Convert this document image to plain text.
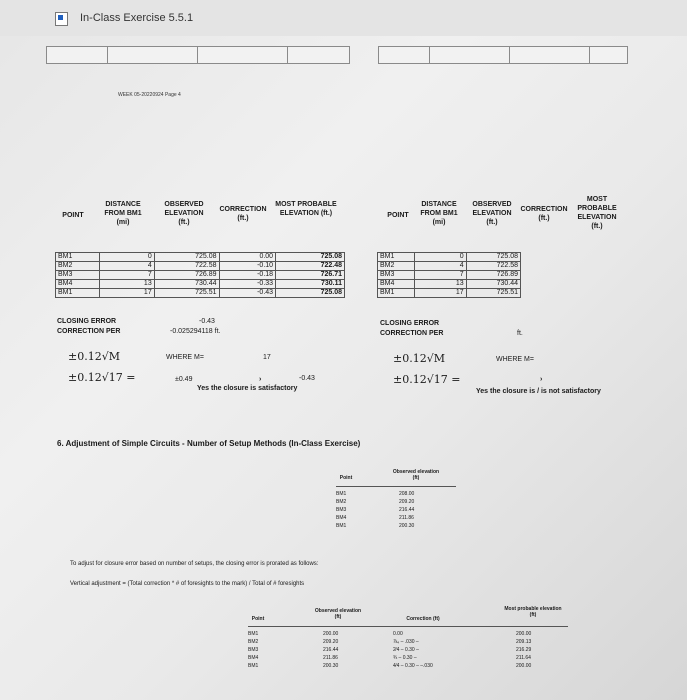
In-Class Exercise 5.5.1
WEEK 05-20220924 Page 4
POINT
DISTANCE FROM BM1 (mi)
OBSERVED ELEVATION (ft.)
CORRECTION (ft.)
MOST PROBABLE ELEVATION (ft.)
BM1	0	725.08	0.00	725.08
BM2	4	722.58	-0.10	722.48
BM3	7	726.89	-0.18	726.71
BM4	13	730.44	-0.33	730.11
BM1	17	725.51	-0.43	725.08
CLOSING ERROR
CORRECTION PER
-0.43
-0.025294118 ft.
±0.12√M
±0.12√17 =
WHERE M=	17
±0.49	›	-0.43
Yes the closure is satisfactory
POINT
DISTANCE FROM BM1 (mi)
OBSERVED ELEVATION (ft.)
CORRECTION (ft.)
MOST PROBABLE ELEVATION (ft.)
BM1	0	725.08
BM2	4	722.58
BM3	7	726.89
BM4	13	730.44
BM1	17	725.51
CLOSING ERROR
CORRECTION PER	ft.
±0.12√M
±0.12√17 =
WHERE M=
›
Yes the closure is / is not satisfactory
6. Adjustment of Simple Circuits - Number of Setup Methods (In-Class Exercise)
Point
Observed elevation (ft)
BM1	208.00
BM2	209.20
BM3	216.44
BM4	211.86
BM1	200.30
To adjust for closure error based on number of setups, the closing error is prorated as follows:
Vertical adjustment = (Total correction * # of foresights to the mark) / Total of # foresights
Point
Observed elevation (ft)	Correction (ft)
Most probable elevation (ft)
BM1	200.00	0.00	200.00
BM2	209.20	⅞₄ – .030 –	209.13
BM3	216.44	2⁄4 – 0.30 –	216.29
BM4	211.86	¾ – 0.30 –	211.64
BM1	200.30	4⁄4 – 0.30 – –.030	200.00
